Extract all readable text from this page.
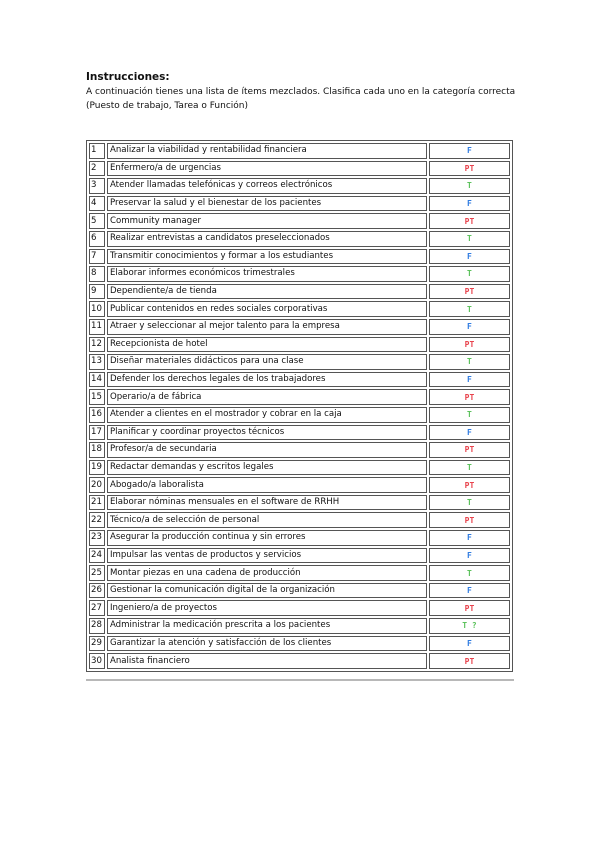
Instrucciones:

A continuación tienes una lista de ítems mezclados. Clasifica cada uno en la categoría correcta (Puesto de trabajo, Tarea o Función)

1	Analizar la viabilidad y rentabilidad financiera	F
2	Enfermero/a de urgencias	PT
3	Atender llamadas telefónicas y correos electrónicos	T
4	Preservar la salud y el bienestar de los pacientes	F
5	Community manager	PT
6	Realizar entrevistas a candidatos preseleccionados	T
7	Transmitir conocimientos y formar a los estudiantes	F
8	Elaborar informes económicos trimestrales	T
9	Dependiente/a de tienda	PT
10	Publicar contenidos en redes sociales corporativas	T
11	Atraer y seleccionar al mejor talento para la empresa	F
12	Recepcionista de hotel	PT
13	Diseñar materiales didácticos para una clase	T
14	Defender los derechos legales de los trabajadores	F
15	Operario/a de fábrica	PT
16	Atender a clientes en el mostrador y cobrar en la caja	T
17	Planificar y coordinar proyectos técnicos	F
18	Profesor/a de secundaria	PT
19	Redactar demandas y escritos legales	T
20	Abogado/a laboralista	PT
21	Elaborar nóminas mensuales en el software de RRHH	T
22	Técnico/a de selección de personal	PT
23	Asegurar la producción continua y sin errores	F
24	Impulsar las ventas de productos y servicios	F
25	Montar piezas en una cadena de producción	T
26	Gestionar la comunicación digital de la organización	F
27	Ingeniero/a de proyectos	PT
28	Administrar la medicación prescrita a los pacientes	T ?
29	Garantizar la atención y satisfacción de los clientes	F
30	Analista financiero	PT
